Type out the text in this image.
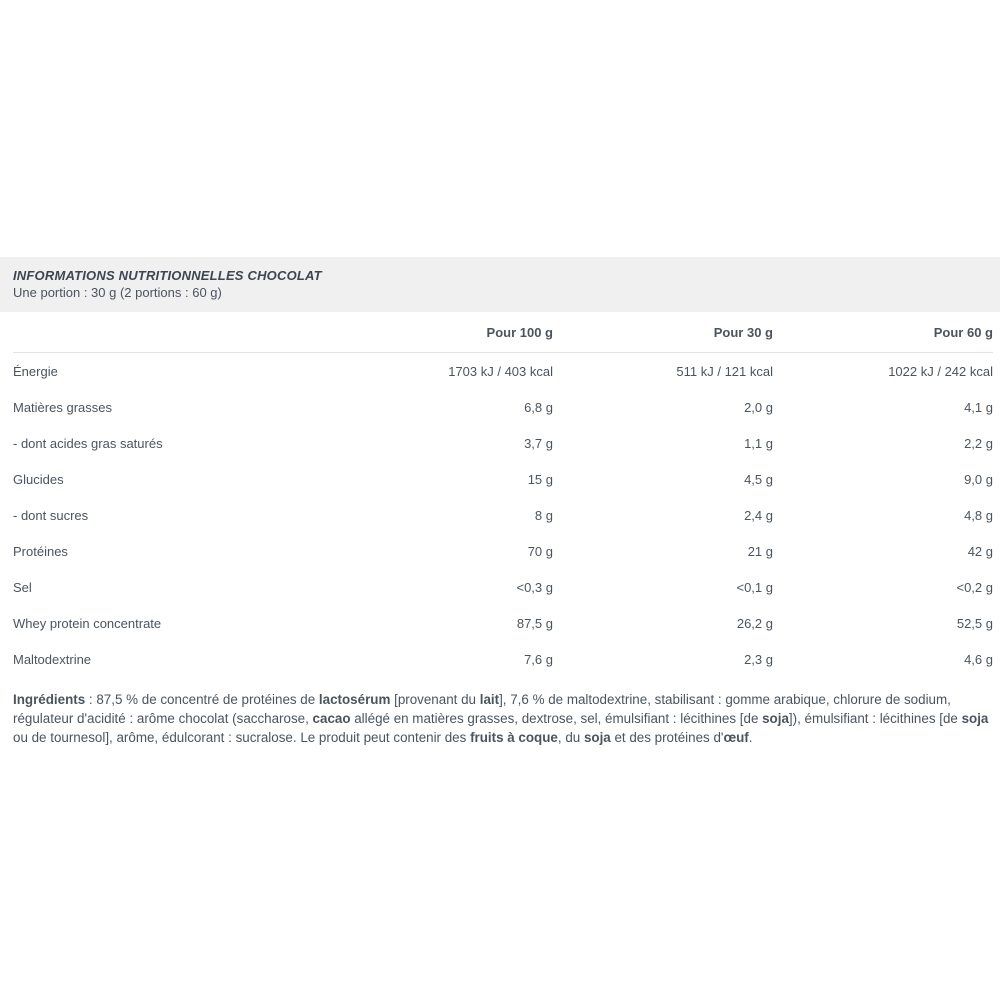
INFORMATIONS NUTRITIONNELLES CHOCOLAT
Une portion : 30 g (2 portions : 60 g)
	Pour 100 g	Pour 30 g	Pour 60 g
Énergie	1703 kJ / 403 kcal	511 kJ / 121 kcal	1022 kJ / 242 kcal
Matières grasses	6,8 g	2,0 g	4,1 g
- dont acides gras saturés	3,7 g	1,1 g	2,2 g
Glucides	15 g	4,5 g	9,0 g
- dont sucres	8 g	2,4 g	4,8 g
Protéines	70 g	21 g	42 g
Sel	<0,3 g	<0,1 g	<0,2 g
Whey protein concentrate	87,5 g	26,2 g	52,5 g
Maltodextrine	7,6 g	2,3 g	4,6 g

Ingrédients : 87,5 % de concentré de protéines de lactosérum [provenant du lait], 7,6 % de maltodextrine, stabilisant : gomme arabique, chlorure de sodium, régulateur d'acidité : arôme chocolat (saccharose, cacao allégé en matières grasses, dextrose, sel, émulsifiant : lécithines [de soja]), émulsifiant : lécithines [de soja ou de tournesol], arôme, édulcorant : sucralose. Le produit peut contenir des fruits à coque, du soja et des protéines d'œuf.
